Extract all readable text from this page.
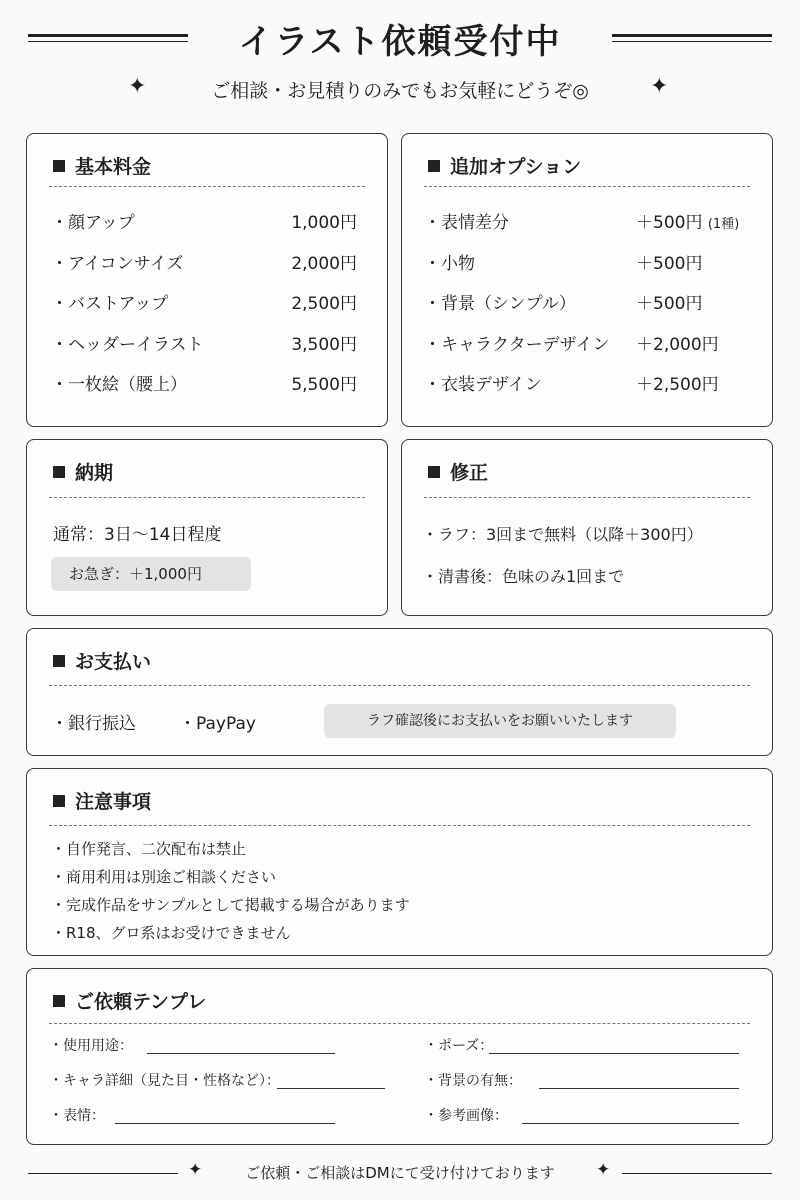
イラスト依頼受付中
✦	ご相談・お見積りのみでもお気軽にどうぞ◎	✦
基本料金
・顔アップ	1,000円
・アイコンサイズ	2,000円
・バストアップ	2,500円
・ヘッダーイラスト	3,500円
・一枚絵（腰上）	5,500円
追加オプション
・表情差分	＋500円 (1種)
・小物	＋500円
・背景（シンプル）	＋500円
・キャラクターデザイン ＋2,000円
・衣装デザイン	＋2,500円
納期
通常：3日〜14日程度
お急ぎ：＋1,000円
修正
・ラフ：3回まで無料（以降＋300円）
・清書後：色味のみ1回まで
お支払い
・銀行振込	・PayPay	ラフ確認後にお支払いをお願いいたします
注意事項
・自作発言、二次配布は禁止
・商用利用は別途ご相談ください
・完成作品をサンプルとして掲載する場合があります
・R18、グロ系はお受けできません
ご依頼テンプレ
・使用用途：
・キャラ詳細（見た目・性格など）：
・表情：
・ポーズ：
・背景の有無：
・参考画像：
✦	ご依頼・ご相談はDMにて受け付けております	✦
